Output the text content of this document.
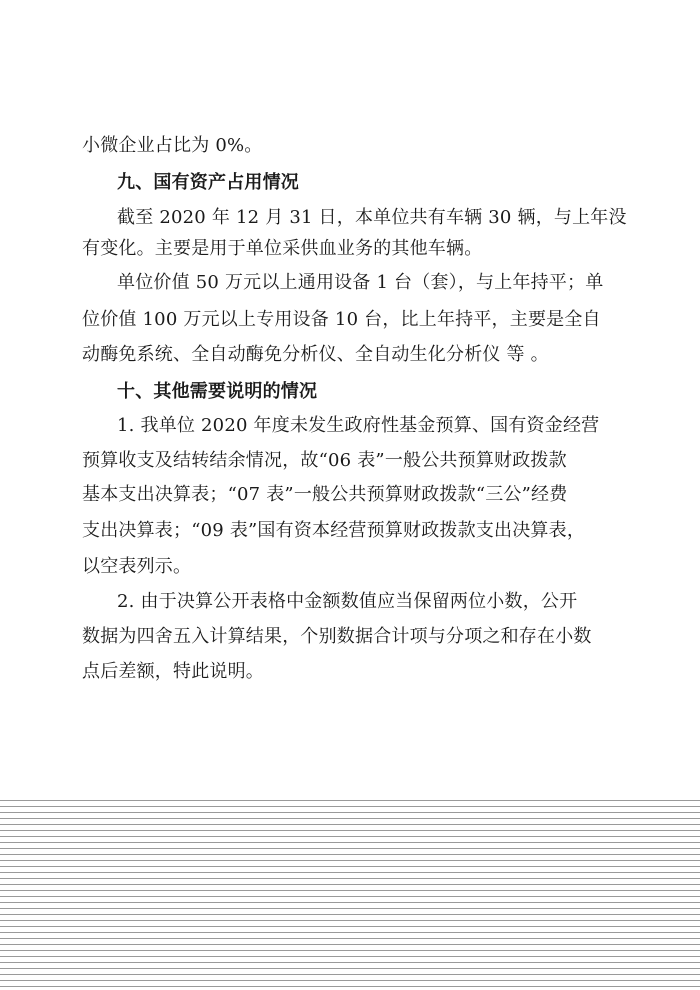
小微企业占比为 0%。
九、国有资产占用情况
截至 2020 年 12 月 31 日，本单位共有车辆 30 辆，与上年没
有变化。主要是用于单位采供血业务的其他车辆。
单位价值 50 万元以上通用设备 1 台（套），与上年持平；单
位价值 100 万元以上专用设备 10 台，比上年持平，主要是全自
动酶免系统、全自动酶免分析仪、全自动生化分析仪 等 。
十、其他需要说明的情况
1. 我单位 2020 年度未发生政府性基金预算、国有资金经营
预算收支及结转结余情况，故“06 表”一般公共预算财政拨款
基本支出决算表；“07 表”一般公共预算财政拨款“三公”经费
支出决算表；“09 表”国有资本经营预算财政拨款支出决算表，
以空表列示。
2. 由于决算公开表格中金额数值应当保留两位小数，公开
数据为四舍五入计算结果，个别数据合计项与分项之和存在小数
点后差额，特此说明。
